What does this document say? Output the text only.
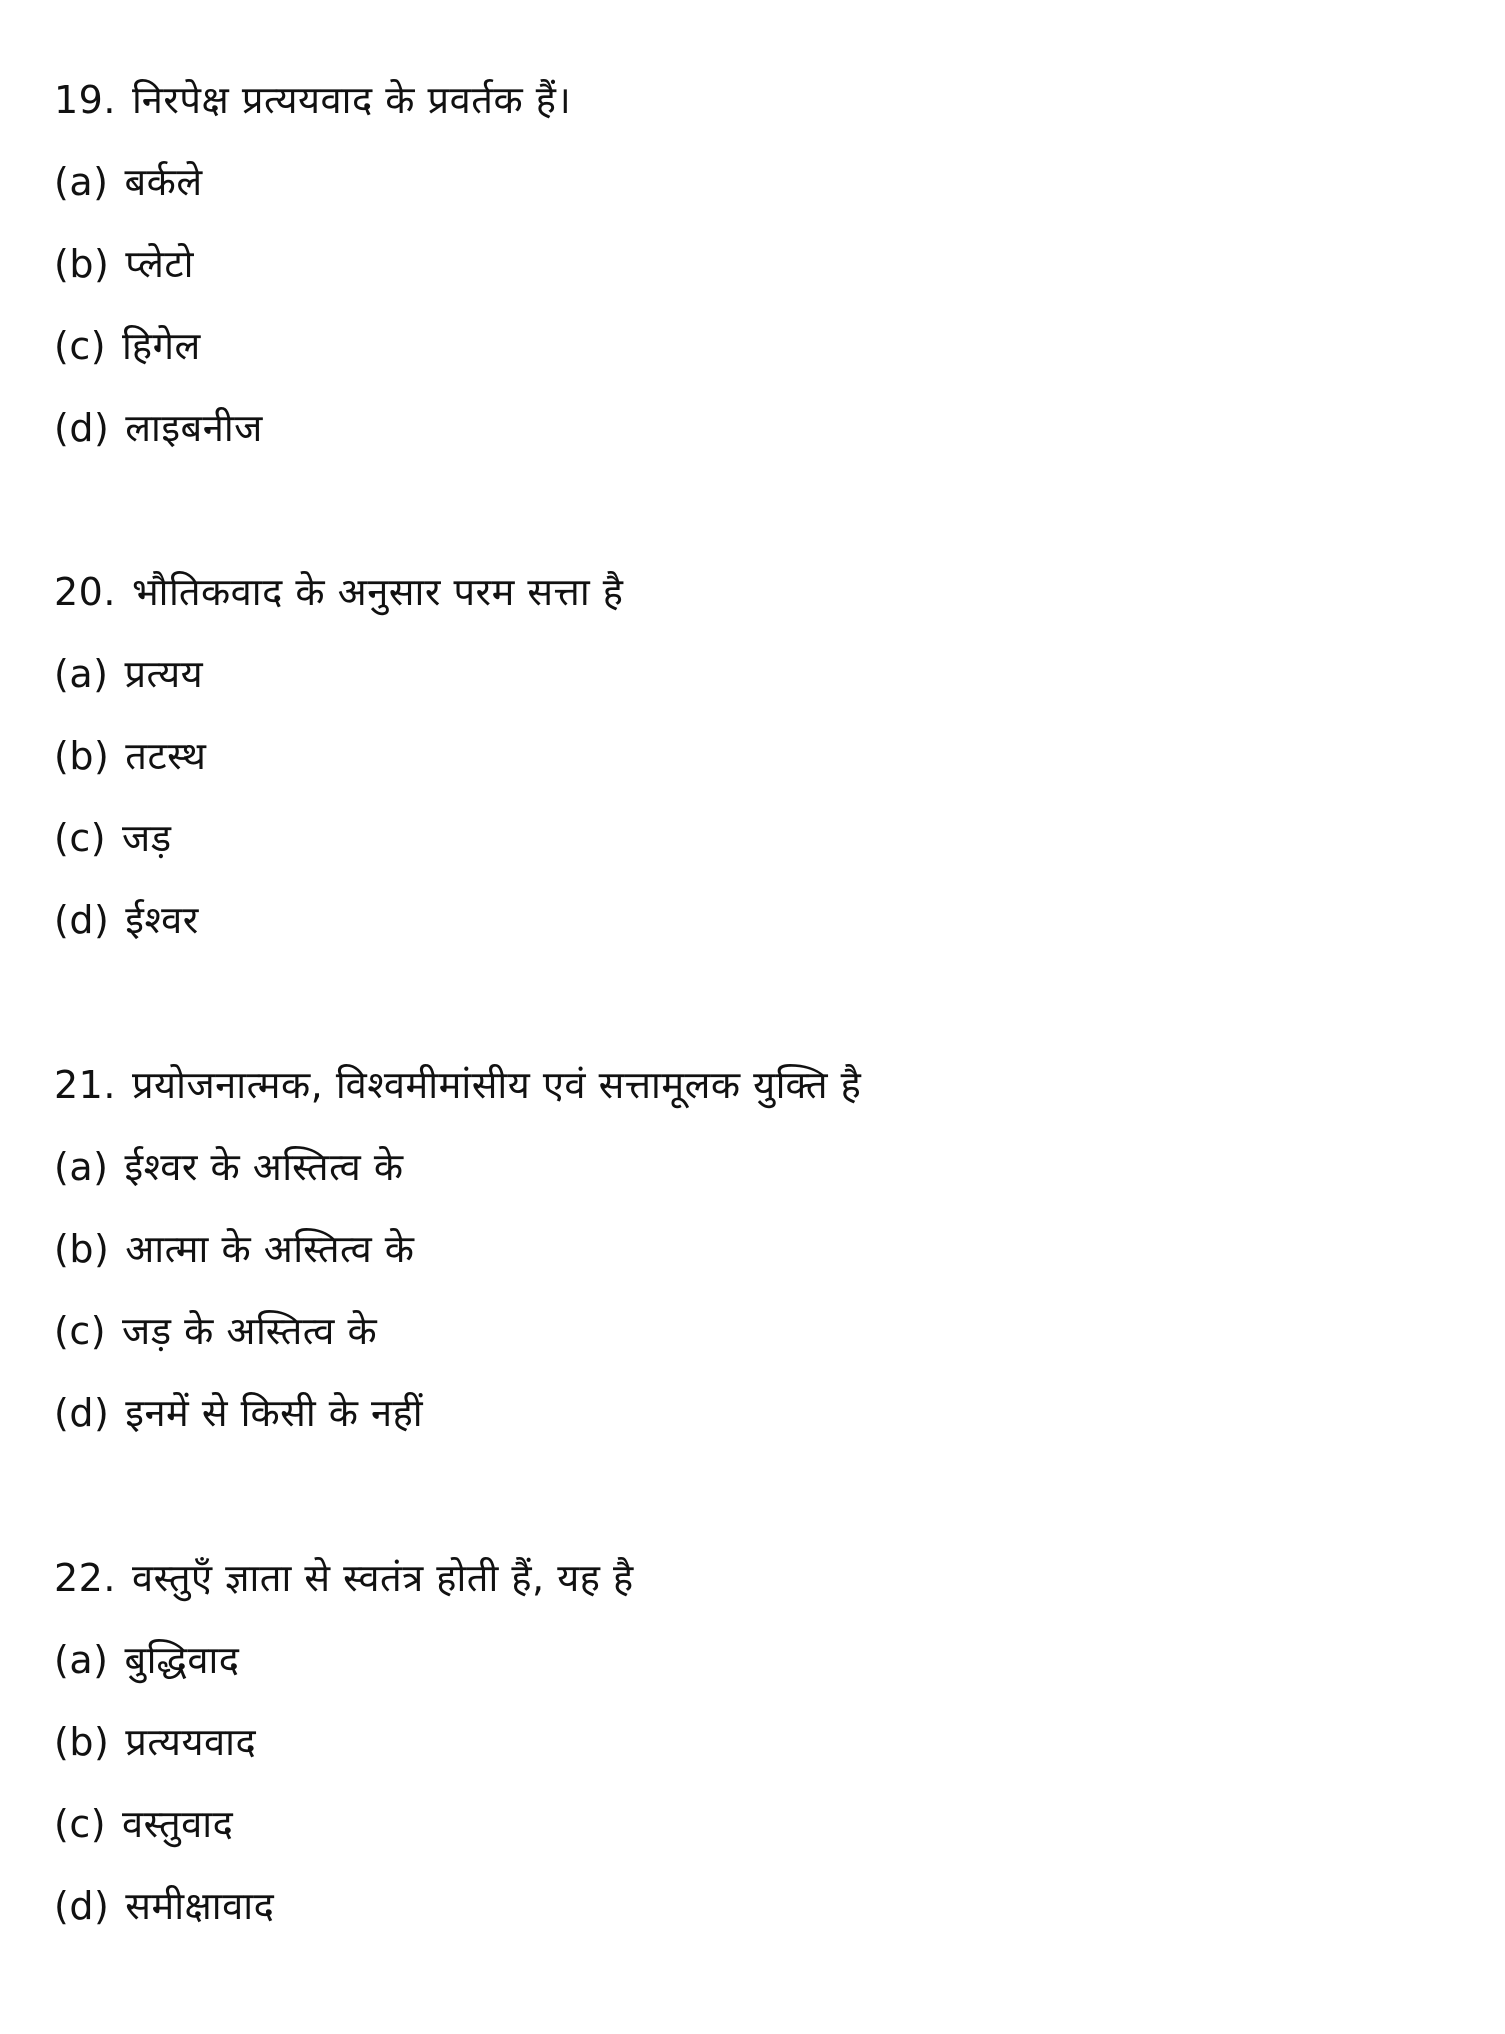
19. निरपेक्ष प्रत्ययवाद के प्रवर्तक हैं।
(a) बर्कले
(b) प्लेटो
(c) हिगेल
(d) लाइबनीज
20. भौतिकवाद के अनुसार परम सत्ता है
(a) प्रत्यय
(b) तटस्थ
(c) जड़
(d) ईश्वर
21. प्रयोजनात्मक, विश्वमीमांसीय एवं सत्तामूलक युक्ति है
(a) ईश्वर के अस्तित्व के
(b) आत्मा के अस्तित्व के
(c) जड़ के अस्तित्व के
(d) इनमें से किसी के नहीं
22. वस्तुएँ ज्ञाता से स्वतंत्र होती हैं, यह है
(a) बुद्धिवाद
(b) प्रत्ययवाद
(c) वस्तुवाद
(d) समीक्षावाद
